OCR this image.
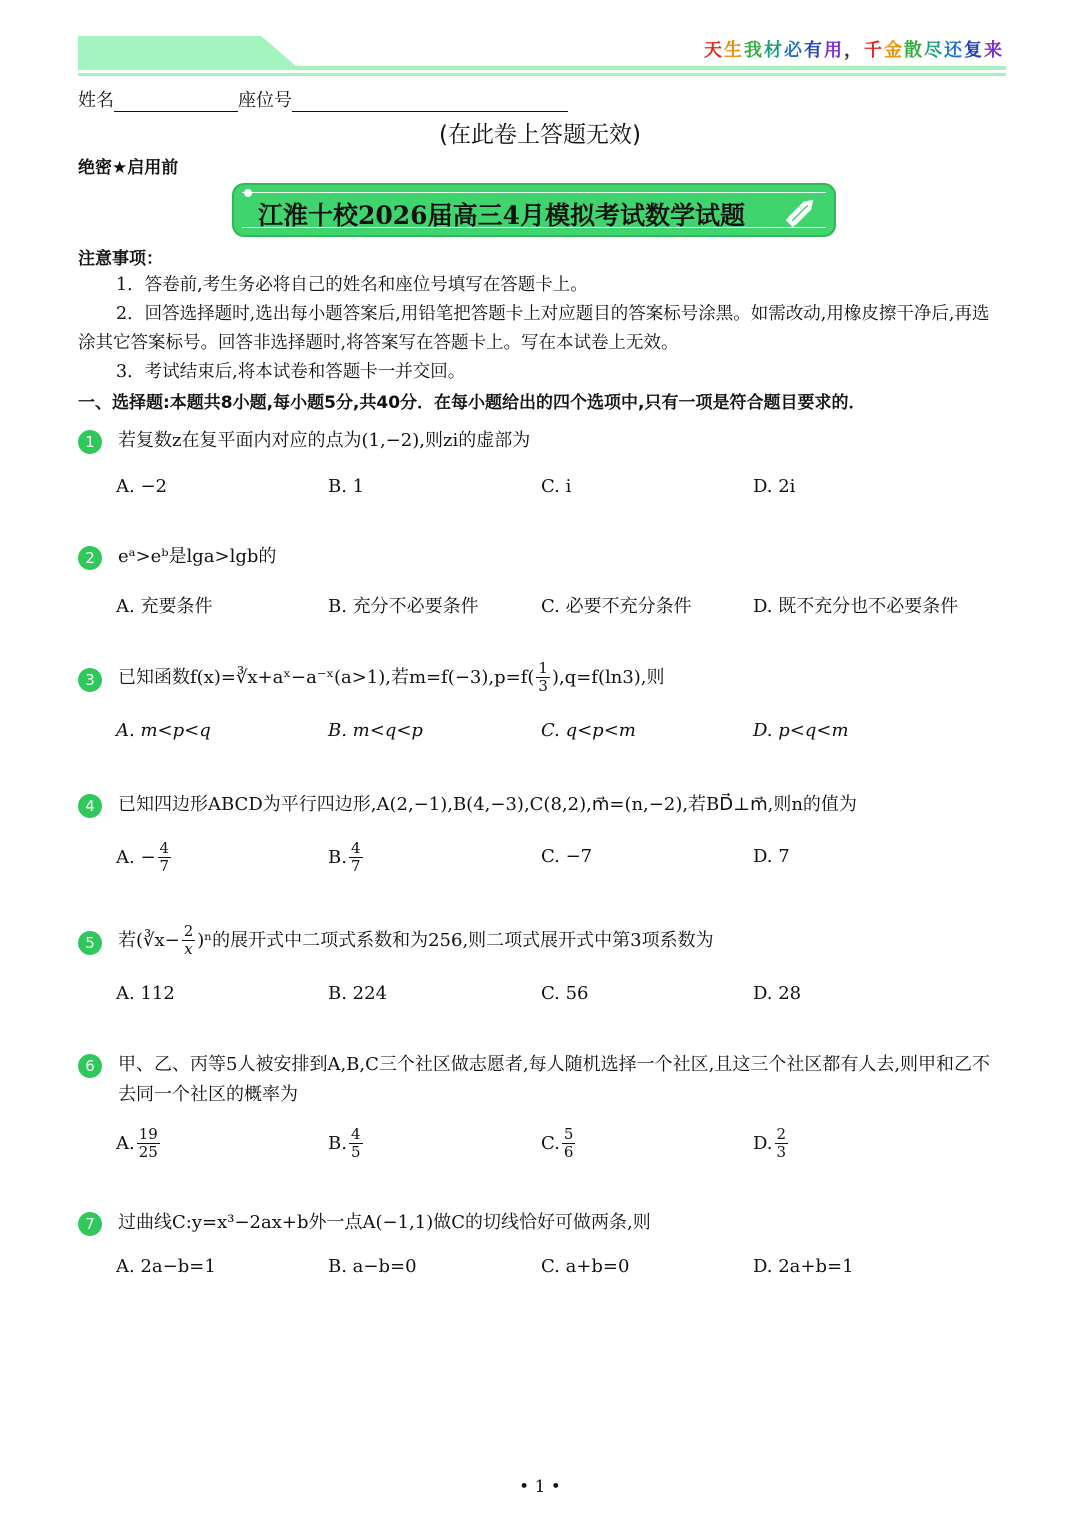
天生我材必有用，千金散尽还复来
姓名	座位号
(在此卷上答题无效)
绝密★启用前
江淮十校2026届高三4月模拟考试数学试题
注意事项：
1．答卷前,考生务必将自己的姓名和座位号填写在答题卡上。
2．回答选择题时,选出每小题答案后,用铅笔把答题卡上对应题目的答案标号涂黑。如需改动,用橡皮擦干净后,再选涂其它答案标号。回答非选择题时,将答案写在答题卡上。写在本试卷上无效。
3．考试结束后,将本试卷和答题卡一并交回。
一、选择题:本题共8小题,每小题5分,共40分．在每小题给出的四个选项中,只有一项是符合题目要求的．
1	若复数z在复平面内对应的点为(1,−2),则zi的虚部为
A. −2	B. 1	C. i	D. 2i
2	eᵃ>eᵇ是lga>lgb的
A. 充要条件	B. 充分不必要条件	C. 必要不充分条件	D. 既不充分也不必要条件
3	已知函数f(x)=∛x+aˣ−a⁻ˣ(a>1),若$m=f(-3),p=f( \frac{1}{3} ),q=f(\ln 3)$,则
A. m<p<q	B. m<q<p	C. q<p<m	D. p<q<m
4	已知四边形ABCD为平行四边形,A(2,−1),B(4,−3),C(8,2),m⃗=(n,−2),若BD⃗⊥m⃗,则n的值为
A. − $\frac{4}{7}$	B. $\frac{4}{7}$	C. −7	D. 7
5	若(∛x− $\frac{2}{x} )^n$的展开式中二项式系数和为256,则二项式展开式中第3项系数为
A. 112	B. 224	C. 56	D. 28
6	甲、乙、丙等5人被安排到A,B,C三个社区做志愿者,每人随机选择一个社区,且这三个社区都有人去,则甲和乙不去同一个社区的概率为
A. $\frac{19}{25}$	B. $\frac{4}{5}$	C. $\frac{5}{6}$	D. $\frac{2}{3}$
7	过曲线C:y=x³−2ax+b外一点A(−1,1)做C的切线恰好可做两条,则
A. 2a−b=1	B. a−b=0	C. a+b=0	D. 2a+b=1
• 1 •
